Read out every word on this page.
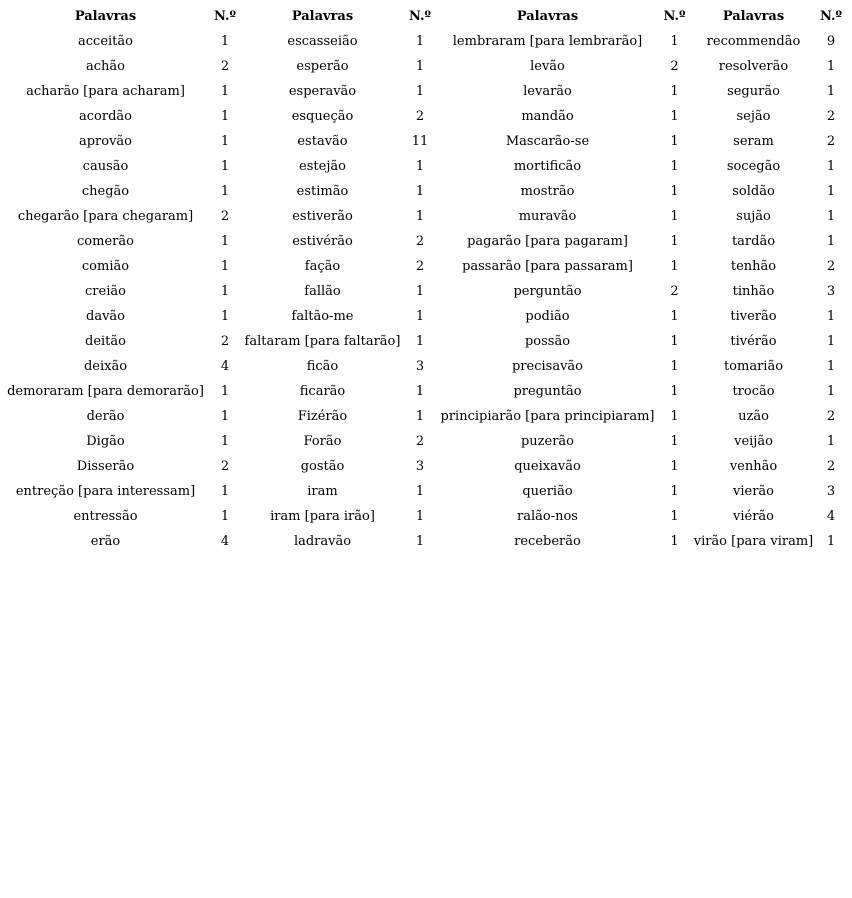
Palavras	N.º	Palavras	N.º	Palavras	N.º	Palavras	N.º
acceitão	1	escasseião	1	lembraram [para lembrarão]	1	recommendão	9
achão	2	esperão	1	levão	2	resolverão	1
acharão [para acharam]	1	esperavão	1	levarão	1	segurão	1
acordão	1	esqueção	2	mandão	1	sejão	2
aprovão	1	estavão	11	Mascarão-se	1	seram	2
causão	1	estejão	1	mortificão	1	socegão	1
chegão	1	estimão	1	mostrão	1	soldão	1
chegarão [para chegaram]	2	estiverão	1	muravão	1	sujão	1
comerão	1	estivérão	2	pagarão [para pagaram]	1	tardão	1
comião	1	fação	2	passarão [para passaram]	1	tenhão	2
creião	1	fallão	1	perguntão	2	tinhão	3
davão	1	faltão-me	1	podião	1	tiverão	1
deitão	2	faltaram [para faltarão]	1	possão	1	tivérão	1
deixão	4	ficão	3	precisavão	1	tomarião	1
demoraram [para demorarão]	1	ficarão	1	preguntão	1	trocão	1
derão	1	Fizérão	1	principiarão [para principiaram]	1	uzão	2
Digão	1	Forão	2	puzerão	1	veijão	1
Disserão	2	gostão	3	queixavão	1	venhão	2
entreção [para interessam]	1	iram	1	querião	1	vierão	3
entressão	1	iram [para irão]	1	ralão-nos	1	viérão	4
erão	4	ladravão	1	receberão	1	virão [para viram]	1
